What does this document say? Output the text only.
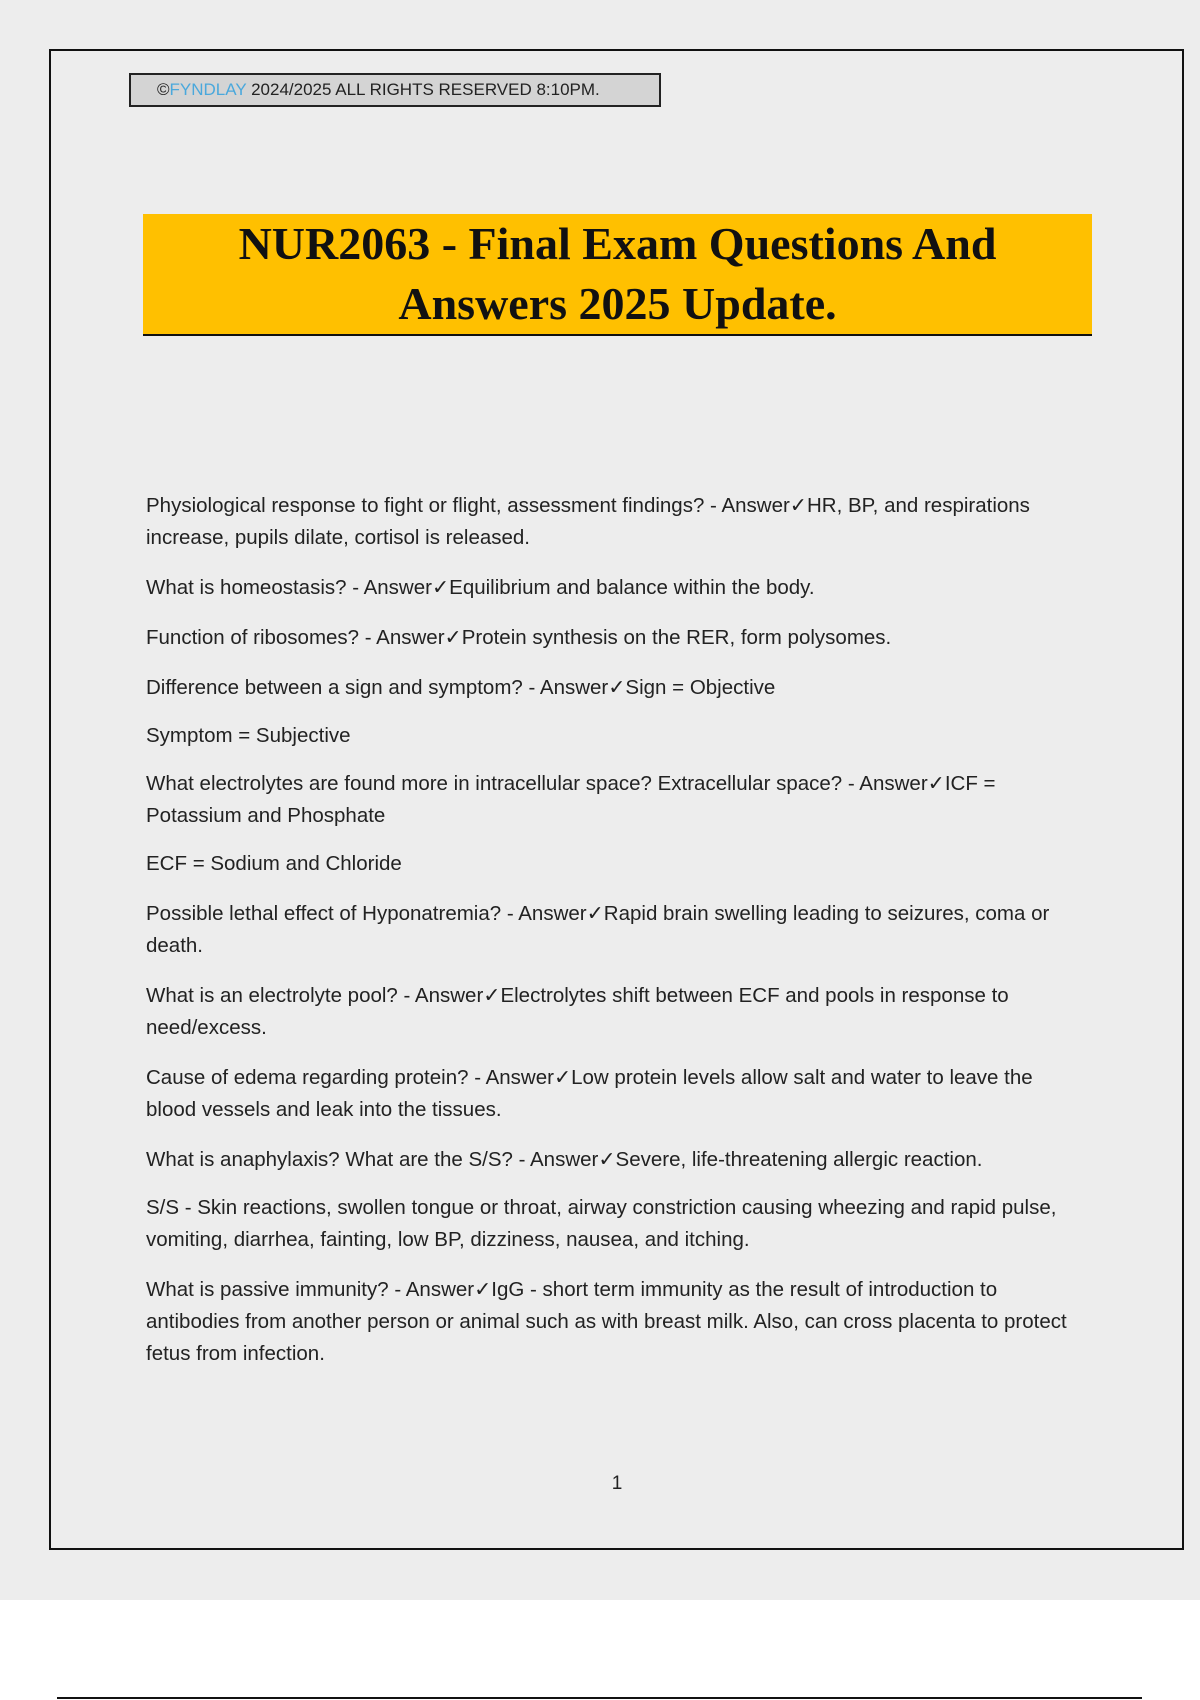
©FYNDLAY 2024/2025 ALL RIGHTS RESERVED 8:10PM.
NUR2063 - Final Exam Questions And Answers 2025 Update.

Physiological response to fight or flight, assessment findings? - Answer✓HR, BP, and respirations increase, pupils dilate, cortisol is released.

What is homeostasis? - Answer✓Equilibrium and balance within the body.

Function of ribosomes? - Answer✓Protein synthesis on the RER, form polysomes.

Difference between a sign and symptom? - Answer✓Sign = Objective

Symptom = Subjective

What electrolytes are found more in intracellular space? Extracellular space? - Answer✓ICF = Potassium and Phosphate

ECF = Sodium and Chloride

Possible lethal effect of Hyponatremia? - Answer✓Rapid brain swelling leading to seizures, coma or death.

What is an electrolyte pool? - Answer✓Electrolytes shift between ECF and pools in response to need/excess.

Cause of edema regarding protein? - Answer✓Low protein levels allow salt and water to leave the blood vessels and leak into the tissues.

What is anaphylaxis? What are the S/S? - Answer✓Severe, life-threatening allergic reaction.

S/S - Skin reactions, swollen tongue or throat, airway constriction causing wheezing and rapid pulse, vomiting, diarrhea, fainting, low BP, dizziness, nausea, and itching.

What is passive immunity? - Answer✓IgG - short term immunity as the result of introduction to antibodies from another person or animal such as with breast milk. Also, can cross placenta to protect fetus from infection.

1
